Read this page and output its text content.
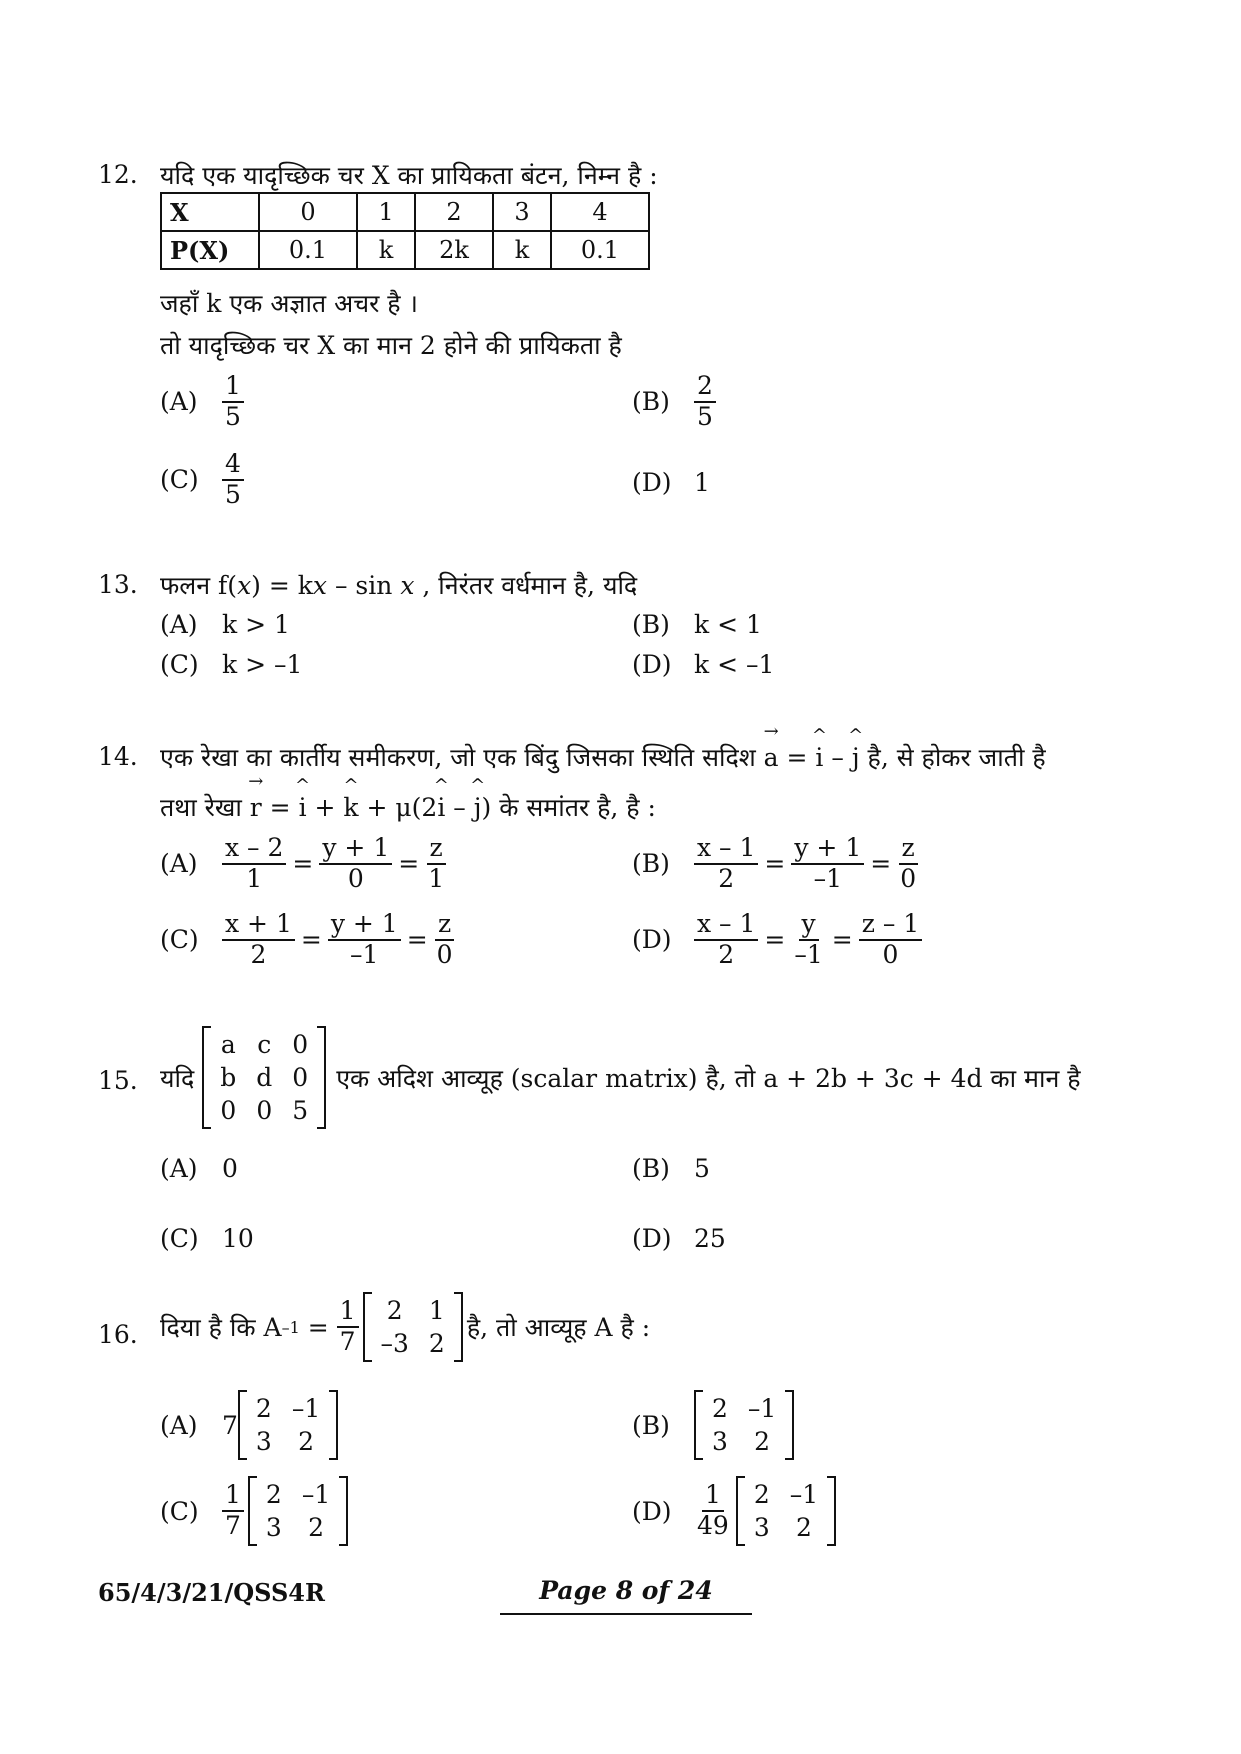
12. यदि एक यादृच्छिक चर X का प्रायिकता बंटन, निम्न है :
X	0	1	2	3	4
P(X)	0.1	k	2k	k	0.1
जहाँ k एक अज्ञात अचर है ।
तो यादृच्छिक चर X का मान 2 होने की प्रायिकता है
$(A) \frac{1}{5}$	$(B) \frac{2}{5}$
$(C) \frac{4}{5}$	(D) 1
13. फलन f(x) = kx – sin x , निरंतर वर्धमान है, यदि
(A) k > 1	(B) k < 1
(C) k > –1	(D) k < –1
14. एक रेखा का कार्तीय समीकरण, जो एक बिंदु जिसका स्थिति सदिश → a = ^ i – ^ j है, से होकर जाती है
तथा रेखा → r = ^ i + ^ k + μ(2^ i – ^ j) के समांतर है, है :
$(A) \frac{x - 2}{1} = \frac{y + 1}{0} = \frac{z}{1}$	$(B) \frac{x - 1}{2} = \frac{y + 1}{-1} = \frac{z}{0}$
$(C) \frac{x + 1}{2} = \frac{y + 1}{-1} = \frac{z}{0}$	$(D) \frac{x - 1}{2} = \frac{y}{-1} = \frac{z - 1}{0}$
15. यदि
a c 0
b d 0
0 0 5
एक अदिश आव्यूह (scalar matrix) है, तो a + 2b + 3c + 4d का मान है
(A) 0	(B) 5
(C) 10	(D) 25
16. दिया है कि A $-1 = \frac{1}{7}$	2	1
–3 2
है, तो आव्यूह A है :
(A) 7
2 –1
3	2
(B)
2 –1
3	2
$(C) \frac{1}{7} 2$ –1
3	2
$(D) \frac{1}{49} 2$ –1
3	2
65/4/3/21/QSS4R	Page 8 of 24
